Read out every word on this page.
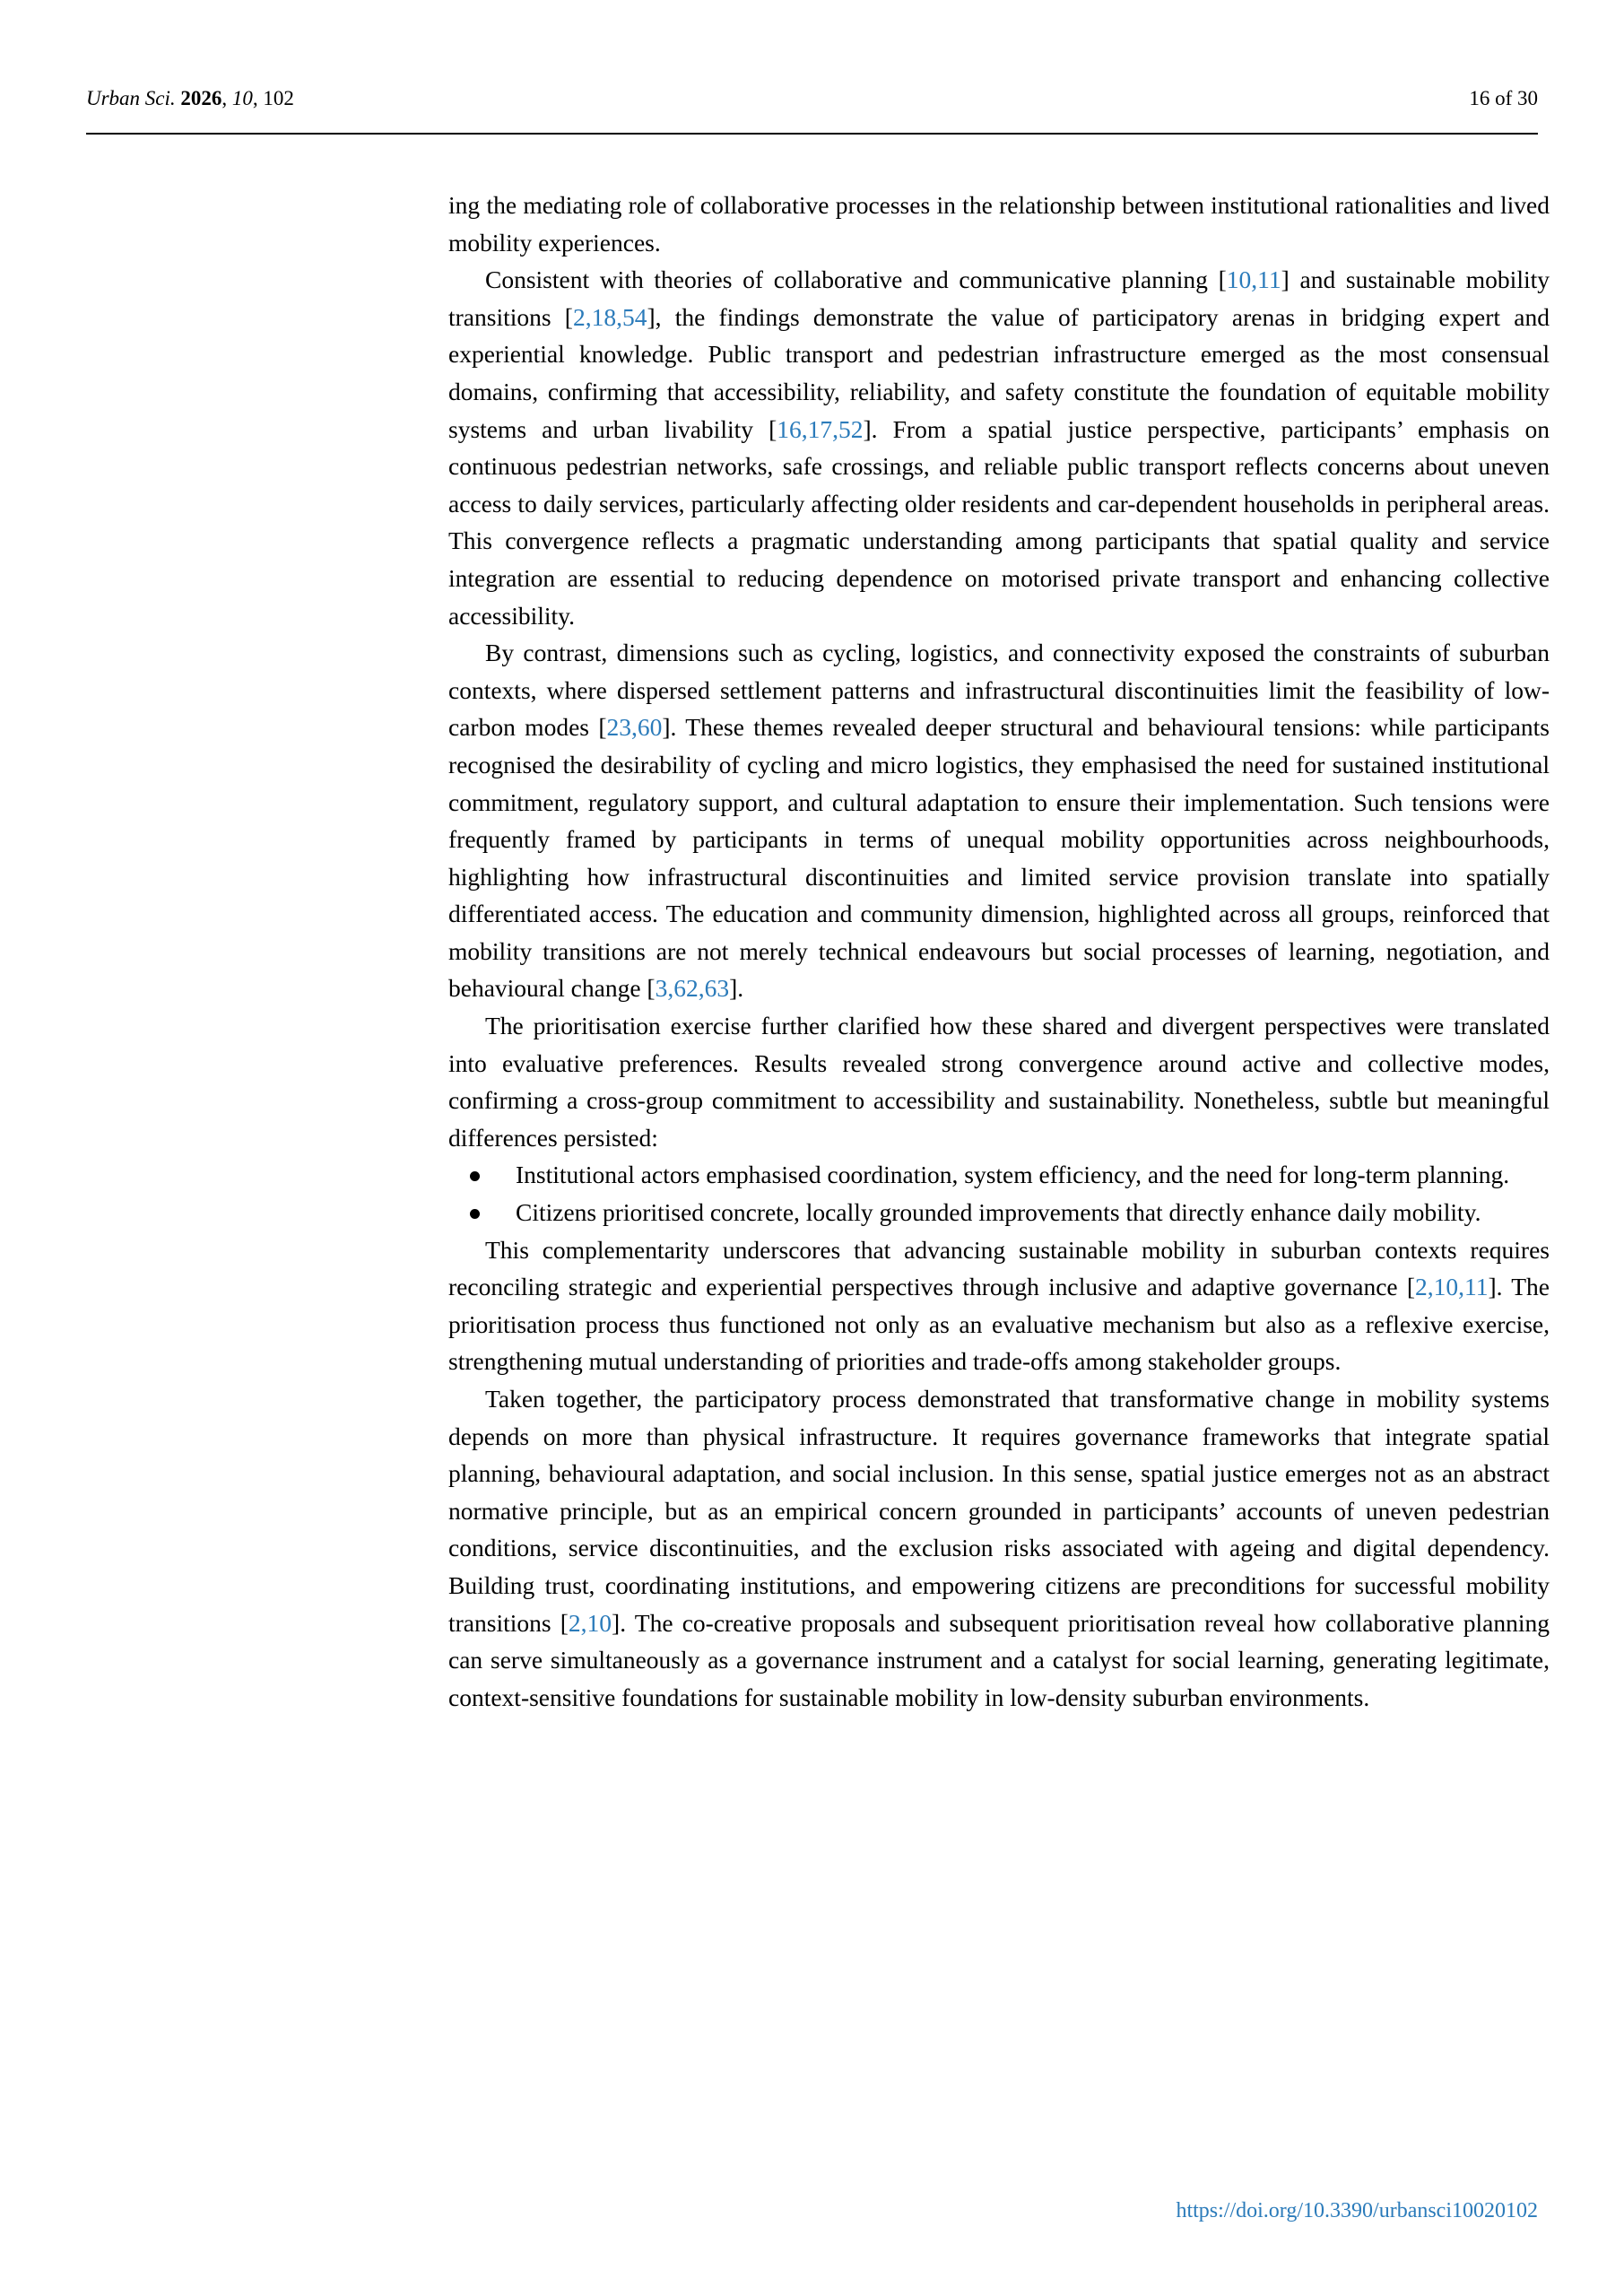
Urban Sci. 2026, 10, 102	16 of 30

ing the mediating role of collaborative processes in the relationship between institutional rationalities and lived mobility experiences.

Consistent with theories of collaborative and communicative planning [10,11] and sustainable mobility transitions [2,18,54], the findings demonstrate the value of participatory arenas in bridging expert and experiential knowledge. Public transport and pedestrian infrastructure emerged as the most consensual domains, confirming that accessibility, reliability, and safety constitute the foundation of equitable mobility systems and urban livability [16,17,52]. From a spatial justice perspective, participants’ emphasis on continuous pedestrian networks, safe crossings, and reliable public transport reflects concerns about uneven access to daily services, particularly affecting older residents and car-dependent households in peripheral areas. This convergence reflects a pragmatic understanding among participants that spatial quality and service integration are essential to reducing dependence on motorised private transport and enhancing collective accessibility.

By contrast, dimensions such as cycling, logistics, and connectivity exposed the constraints of suburban contexts, where dispersed settlement patterns and infrastructural discontinuities limit the feasibility of low-carbon modes [23,60]. These themes revealed deeper structural and behavioural tensions: while participants recognised the desirability of cycling and micro logistics, they emphasised the need for sustained institutional commitment, regulatory support, and cultural adaptation to ensure their implementation. Such tensions were frequently framed by participants in terms of unequal mobility opportunities across neighbourhoods, highlighting how infrastructural discontinuities and limited service provision translate into spatially differentiated access. The education and community dimension, highlighted across all groups, reinforced that mobility transitions are not merely technical endeavours but social processes of learning, negotiation, and behavioural change [3,62,63].

The prioritisation exercise further clarified how these shared and divergent perspectives were translated into evaluative preferences. Results revealed strong convergence around active and collective modes, confirming a cross-group commitment to accessibility and sustainability. Nonetheless, subtle but meaningful differences persisted:

Institutional actors emphasised coordination, system efficiency, and the need for long-term planning.
Citizens prioritised concrete, locally grounded improvements that directly enhance daily mobility.

This complementarity underscores that advancing sustainable mobility in suburban contexts requires reconciling strategic and experiential perspectives through inclusive and adaptive governance [2,10,11]. The prioritisation process thus functioned not only as an evaluative mechanism but also as a reflexive exercise, strengthening mutual understanding of priorities and trade-offs among stakeholder groups.

Taken together, the participatory process demonstrated that transformative change in mobility systems depends on more than physical infrastructure. It requires governance frameworks that integrate spatial planning, behavioural adaptation, and social inclusion. In this sense, spatial justice emerges not as an abstract normative principle, but as an empirical concern grounded in participants’ accounts of uneven pedestrian conditions, service discontinuities, and the exclusion risks associated with ageing and digital dependency. Building trust, coordinating institutions, and empowering citizens are preconditions for successful mobility transitions [2,10]. The co-creative proposals and subsequent prioritisation reveal how collaborative planning can serve simultaneously as a governance instrument and a catalyst for social learning, generating legitimate, context-sensitive foundations for sustainable mobility in low-density suburban environments.

https://doi.org/10.3390/urbansci10020102
